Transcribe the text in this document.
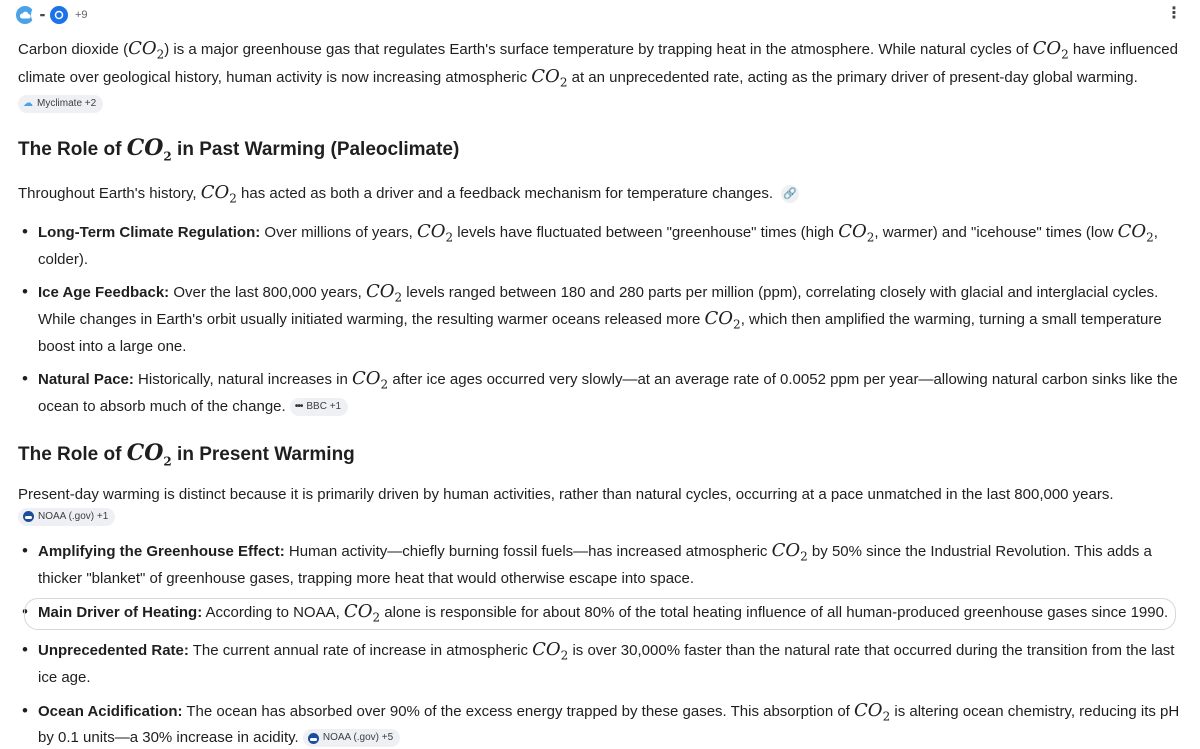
▪▪	+9	⋮

Carbon dioxide $(CO_2)$ is a major greenhouse gas that regulates Earth's surface temperature by trapping heat in the atmosphere. While natural cycles of $CO_2$ have influenced climate over geological history, human activity is now increasing atmospheric $CO_2$ at an unprecedented rate, acting as the primary driver of present-day global warming.
☁ Myclimate +2

The Role of $CO_2$ in Past Warming (Paleoclimate)

Throughout Earth's history, $CO_2$ has acted as both a driver and a feedback mechanism for temperature changes. 🔗

• Long-Term Climate Regulation: Over millions of years, $CO_2$ levels have fluctuated between "greenhouse" times (high $CO_2$, warmer) and "icehouse" times (low $CO_2$, colder).
• Ice Age Feedback: Over the last 800,000 years, $CO_2$ levels ranged between 180 and 280 parts per million (ppm), correlating closely with glacial and interglacial cycles. While changes in Earth's orbit usually initiated warming, the resulting warmer oceans released more $CO_2$, which then amplified the warming, turning a small temperature boost into a large one.
• Natural Pace: Historically, natural increases in $CO_2$ after ice ages occurred very slowly—at an average rate of 0.0052 ppm per year—allowing natural carbon sinks like the ocean to absorb much of the change. ••• BBC +1
The Role of $CO_2$ in Present Warming

Present-day warming is distinct because it is primarily driven by human activities, rather than natural cycles, occurring at a pace unmatched in the last 800,000 years.
NOAA (.gov) +1

• Amplifying the Greenhouse Effect: Human activity—chiefly burning fossil fuels—has increased atmospheric $CO_2$ by 50% since the Industrial Revolution. This adds a thicker "blanket" of greenhouse gases, trapping more heat that would otherwise escape into space.
• Main Driver of Heating: According to NOAA, $CO_2$ alone is responsible for about 80% of the total heating influence of all human-produced greenhouse gases since 1990.
• Unprecedented Rate: The current annual rate of increase in atmospheric $CO_2$ is over 30,000% faster than the natural rate that occurred during the transition from the last ice age.
• Ocean Acidification: The ocean has absorbed over 90% of the excess energy trapped by these gases. This absorption of $CO_2$ is altering ocean chemistry, reducing its pH by 0.1 units—a 30% increase in acidity. NOAA (.gov) +5
